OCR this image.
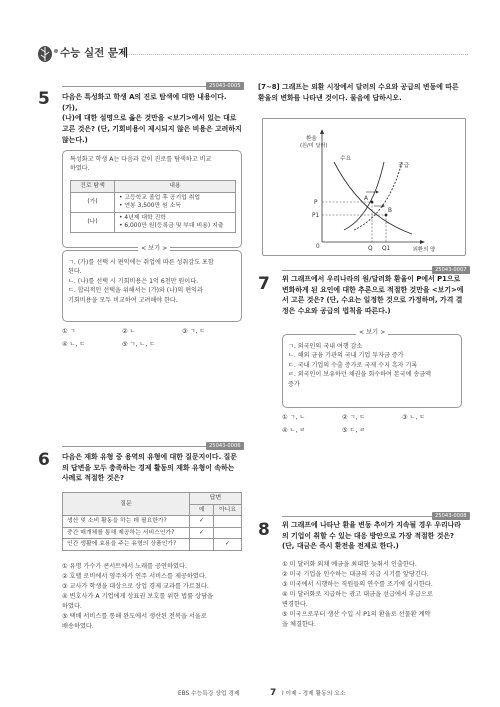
수능 실전 문제
25043-0005
5 다음은 특성화고 학생 A의 진로 탐색에 대한 내용이다. (가),
(나)에 대한 설명으로 옳은 것만을 <보기>에서 있는 대로
고른 것은? (단, 기회비용이 제시되지 않은 비용은 고려하지
않는다.)
특성화고 학생 A는 다음과 같이 진로를 탐색하고 비교
하였다.
진로 탐색	내용
(가)	• 고등학교 졸업 후 공기업 취업
• 연봉 3,500만 원 소득

(나)	• 4년제 대학 진학
• 6,000만 원(등록금 및 부대 비용) 지출
< 보기 >
ㄱ. (가)를 선택 시 편익에는 취업에 따른 성취감도 포함
된다.
ㄴ. (나)를 선택 시 기회비용은 1억 6천만 원이다.
ㄷ. 합리적인 선택을 위해서는 (가)와 (나)의 편익과
기회비용을 모두 비교하여 고려해야 한다.
① ㄱ	② ㄴ	③ ㄱ, ㄷ
④ ㄴ, ㄷ	⑤ ㄱ, ㄴ, ㄷ
25043-0006
6 다음은 재화 유형 중 용역의 유형에 대한 질문지이다. 질문
의 답변을 모두 충족하는 경제 활동의 재화 유형이 속하는
사례로 적절한 것은?
질문	답변	
	예	아니요
생산 및 소비 활동을 하는 데 필요한가?	✓	
중간 매개체를 통해 제공하는 서비스인가?	✓	
인간 생활에 효용을 주는 유형의 상품인가?		✓
① 유명 가수가 콘서트에서 노래를 공연하였다.
② 호텔 로비에서 영주차가 연주 서비스를 제공하였다.
③ 교사가 학생을 대상으로 상업 경제 교과를 가르쳤다.
④ 변호사가 A 기업에게 상표권 보호를 위한 법률 상담을
하였다.
⑤ 택배 서비스를 통해 완도에서 생산된 전복을 서울로
배송하였다.
[7~8] 그래프는 외환 시장에서 달러의 수요와 공급의 변동에 따른
환율의 변화를 나타낸 것이다. 물음에 답하시오.
환율
(원/미 달러)
외환의 양
0
수요
공급
P
P1
Q Q1
A
B
25043-0007
7 위 그래프에서 우리나라의 원/달러화 환율이 P에서 P1으로
변화하게 된 요인에 대한 추론으로 적절한 것만을 <보기>에
서 고른 것은? (단, 수요는 일정한 것으로 가정하며, 가격 결
정은 수요와 공급의 법칙을 따른다.)
< 보기 >
ㄱ. 외국인의 국내 여행 감소
ㄴ. 해외 금융 기관의 국내 기업 투자금 증가
ㄷ. 국내 기업의 수출 증가로 국제 수지 흑자 기록
ㄹ. 외국인이 보유하던 채권을 회수하여 본국에 송금액
증가
① ㄱ, ㄴ	② ㄱ, ㄷ	③ ㄴ, ㄷ
④ ㄴ, ㄹ	⑤ ㄷ, ㄹ
25043-0008
8 위 그래프에 나타난 환율 변동 추이가 지속될 경우 우리나라
의 기업이 취할 수 있는 대응 방안으로 가장 적절한 것은?
(단, 대금은 즉시 환전을 전제로 한다.)
① 미 달러화 외채 예금을 최대한 늦춰서 인출한다.
② 미국 기업을 인수하는 대금의 지급 시기를 앞당긴다.
③ 미국에서 시행하는 직원들의 연수를 조기에 실시한다.
④ 미 달러화로 지급하는 광고 대금을 선급에서 후급으로
변경한다.
⑤ 미국으로부터 생산 수입 시 P1의 환율로 선물환 계약
을 체결한다.
EBS 수능특강 상업 경제	7 Ⅰ 이제 - 경제 활동의 요소
